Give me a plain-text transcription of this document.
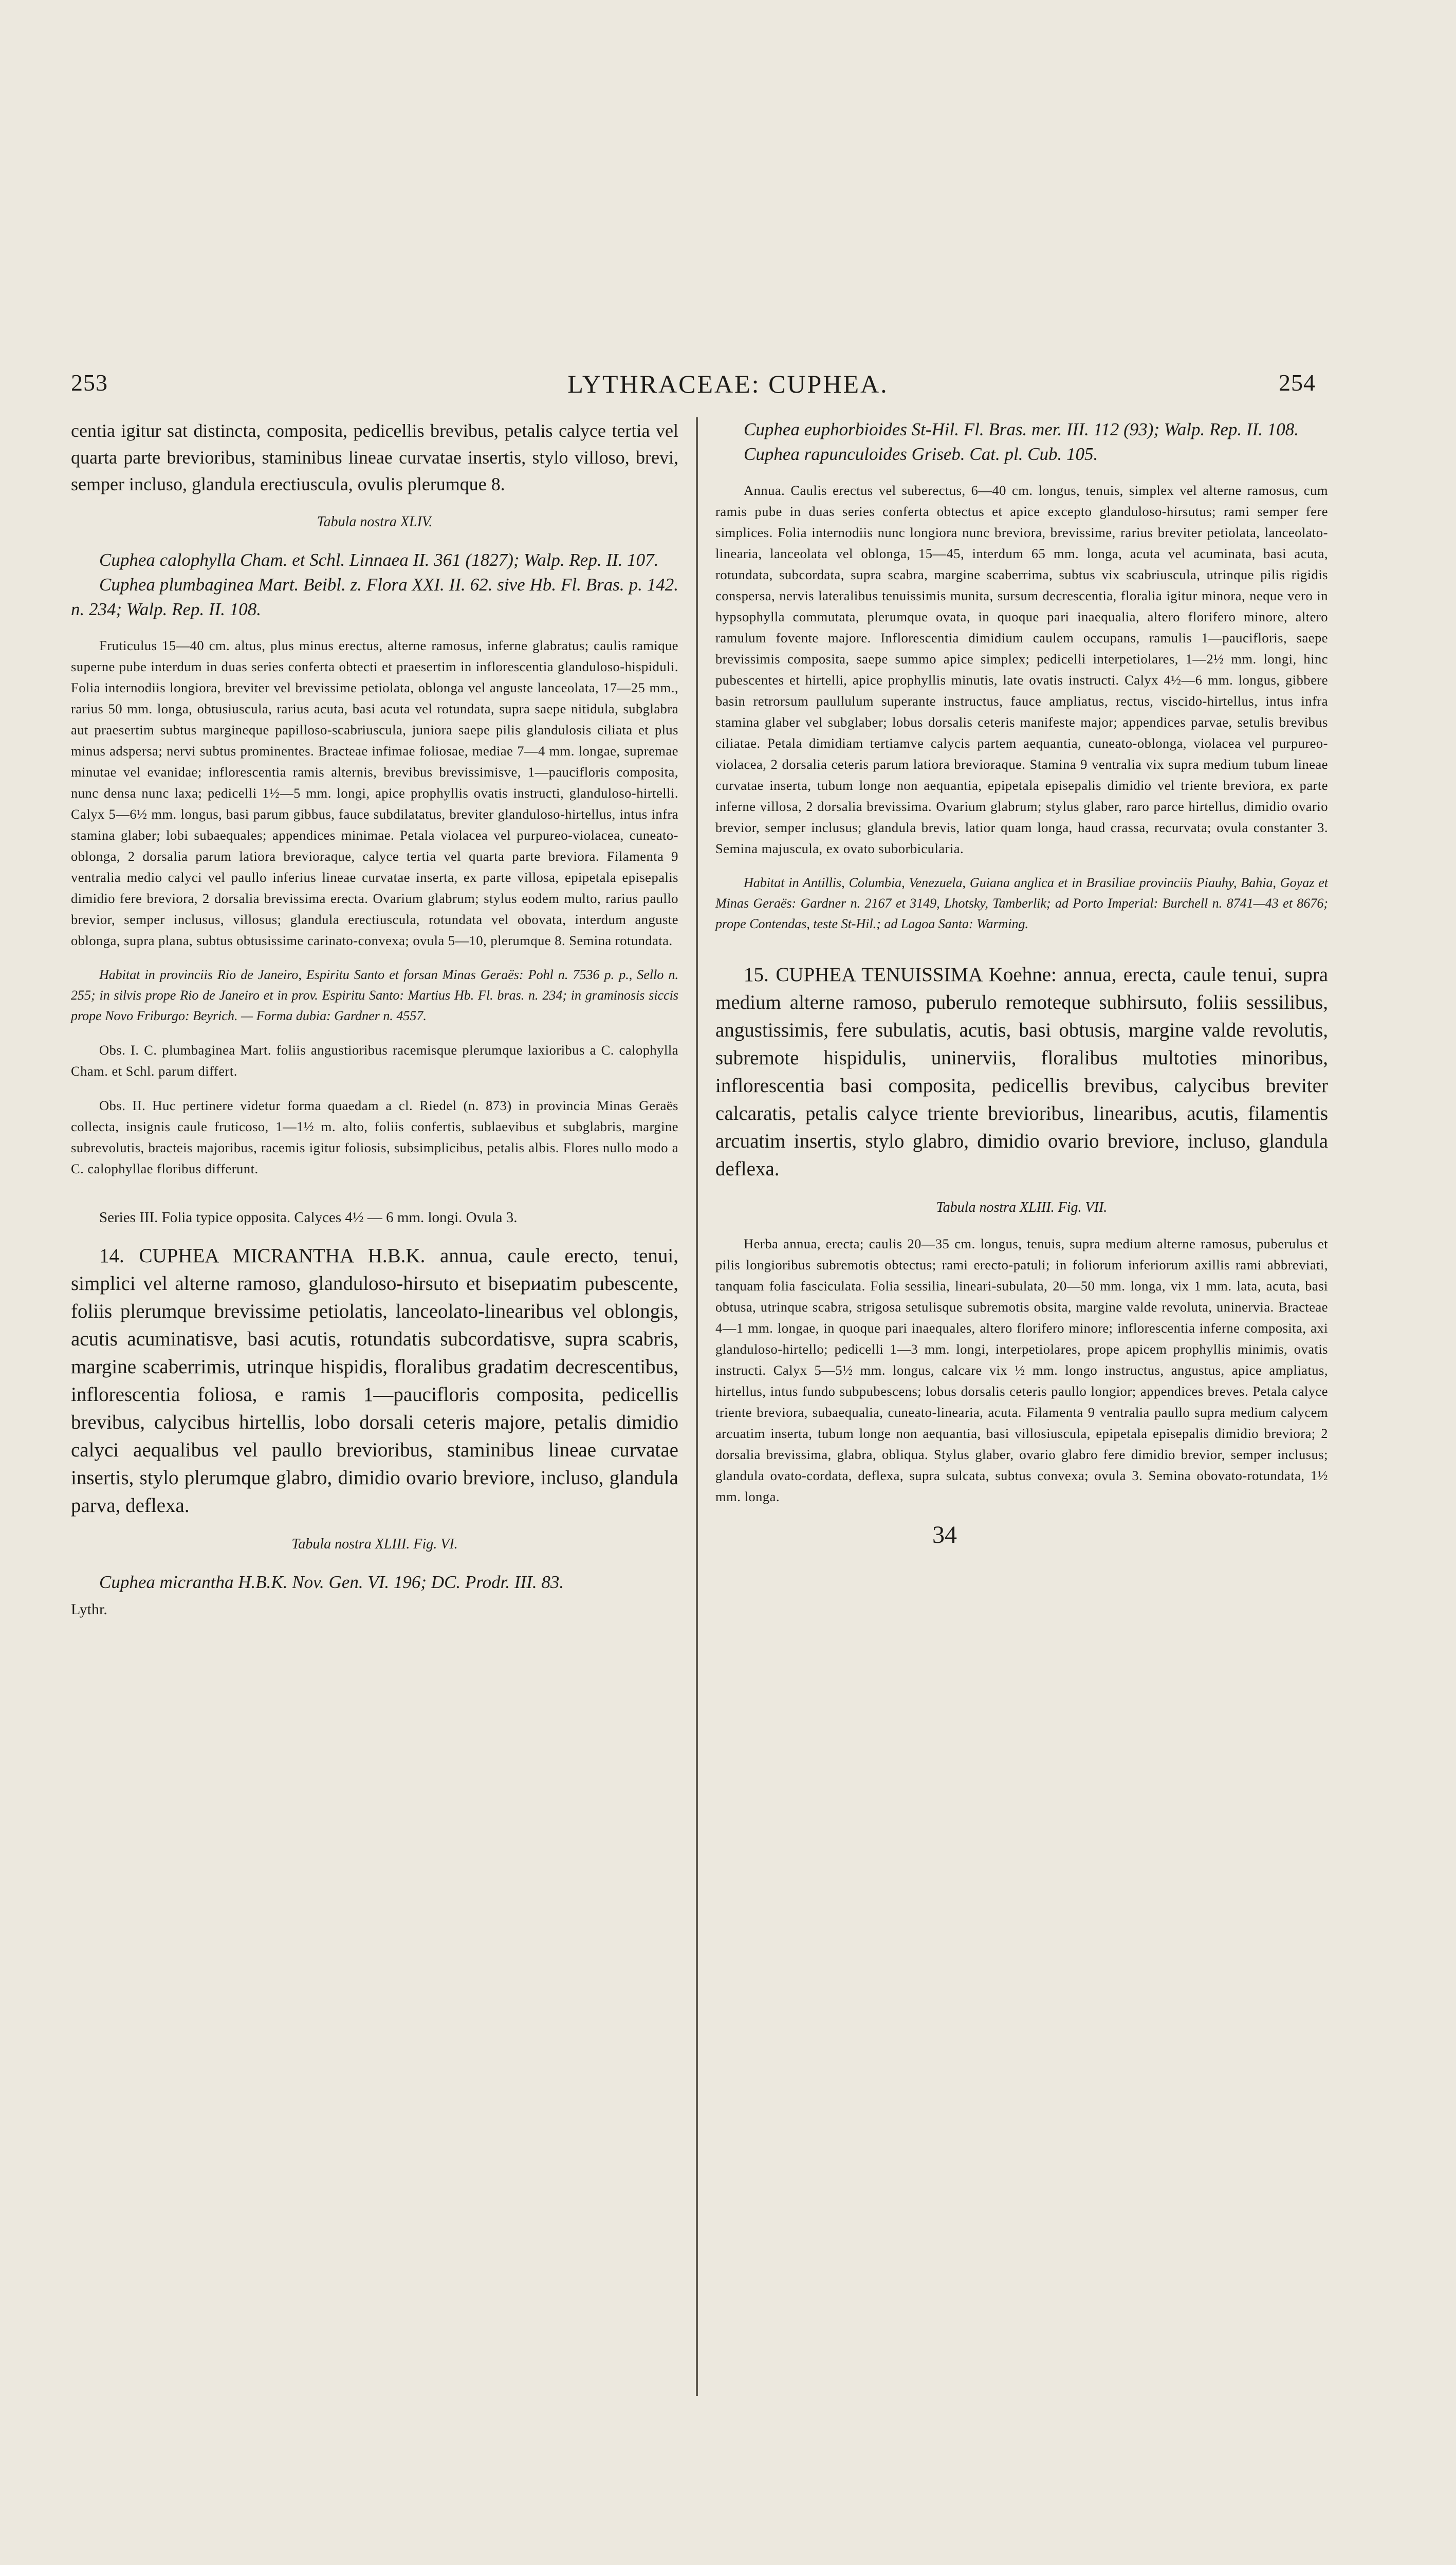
253	LYTHRACEAE: CUPHEA.	254

centia igitur sat distincta, composita, pedicellis brevibus, petalis calyce tertia vel quarta parte brevioribus, staminibus lineae curvatae insertis, stylo villoso, brevi, semper incluso, glandula erectiuscula, ovulis plerumque 8.

Tabula nostra XLIV.

Cuphea calophylla Cham. et Schl. Linnaea II. 361 (1827); Walp. Rep. II. 107.

Cuphea plumbaginea Mart. Beibl. z. Flora XXI. II. 62. sive Hb. Fl. Bras. p. 142. n. 234; Walp. Rep. II. 108.

Fruticulus 15—40 cm. altus, plus minus erectus, alterne ramosus, inferne glabratus; caulis ramique superne pube interdum in duas series conferta obtecti et praesertim in inflorescentia glanduloso-hispiduli. Folia internodiis longiora, breviter vel brevissime petiolata, oblonga vel anguste lanceolata, 17—25 mm., rarius 50 mm. longa, obtusiuscula, rarius acuta, basi acuta vel rotundata, supra saepe nitidula, subglabra aut praesertim subtus margineque papilloso-scabriuscula, juniora saepe pilis glandulosis ciliata et plus minus adspersa; nervi subtus prominentes. Bracteae infimae foliosae, mediae 7—4 mm. longae, supremae minutae vel evanidae; inflorescentia ramis alternis, brevibus brevissimisve, 1—paucifloris composita, nunc densa nunc laxa; pedicelli 1½—5 mm. longi, apice prophyllis ovatis instructi, glanduloso-hirtelli. Calyx 5—6½ mm. longus, basi parum gibbus, fauce subdilatatus, breviter glanduloso-hirtellus, intus infra stamina glaber; lobi subaequales; appendices minimae. Petala violacea vel purpureo-violacea, cuneato-oblonga, 2 dorsalia parum latiora brevioraque, calyce tertia vel quarta parte breviora. Filamenta 9 ventralia medio calyci vel paullo inferius lineae curvatae inserta, ex parte villosa, epipetala episepalis dimidio fere breviora, 2 dorsalia brevissima erecta. Ovarium glabrum; stylus eodem multo, rarius paullo brevior, semper inclusus, villosus; glandula erectiuscula, rotundata vel obovata, interdum anguste oblonga, supra plana, subtus obtusissime carinato-convexa; ovula 5—10, plerumque 8. Semina rotundata.

Habitat in provinciis Rio de Janeiro, Espiritu Santo et forsan Minas Geraës: Pohl n. 7536 p. p., Sello n. 255; in silvis prope Rio de Janeiro et in prov. Espiritu Santo: Martius Hb. Fl. bras. n. 234; in graminosis siccis prope Novo Friburgo: Beyrich. — Forma dubia: Gardner n. 4557.

Obs. I. C. plumbaginea Mart. foliis angustioribus racemisque plerumque laxioribus a C. calophylla Cham. et Schl. parum differt.

Obs. II. Huc pertinere videtur forma quaedam a cl. Riedel (n. 873) in provincia Minas Geraës collecta, insignis caule fruticoso, 1—1½ m. alto, foliis confertis, sublaevibus et subglabris, margine subrevolutis, bracteis majoribus, racemis igitur foliosis, subsimplicibus, petalis albis. Flores nullo modo a C. calophyllae floribus differunt.

Series III. Folia typice opposita. Calyces 4½ — 6 mm. longi. Ovula 3.

14. CUPHEA MICRANTHA H.B.K. annua, caule erecto, tenui, simplici vel alterne ramoso, glanduloso-hirsuto et bisериatim pubescente, foliis plerumque brevissime petiolatis, lanceolato-linearibus vel oblongis, acutis acuminatisve, basi acutis, rotundatis subcordatisve, supra scabris, margine scaberrimis, utrinque hispidis, floralibus gradatim decrescentibus, inflorescentia foliosa, e ramis 1—paucifloris composita, pedicellis brevibus, calycibus hirtellis, lobo dorsali ceteris majore, petalis dimidio calyci aequalibus vel paullo brevioribus, staminibus lineae curvatae insertis, stylo plerumque glabro, dimidio ovario breviore, incluso, glandula parva, deflexa.

Tabula nostra XLIII. Fig. VI.

Cuphea micrantha H.B.K. Nov. Gen. VI. 196; DC. Prodr. III. 83.

Lythr.

Cuphea euphorbioides St-Hil. Fl. Bras. mer. III. 112 (93); Walp. Rep. II. 108.

Cuphea rapunculoides Griseb. Cat. pl. Cub. 105.

Annua. Caulis erectus vel suberectus, 6—40 cm. longus, tenuis, simplex vel alterne ramosus, cum ramis pube in duas series conferta obtectus et apice excepto glanduloso-hirsutus; rami semper fere simplices. Folia internodiis nunc longiora nunc breviora, brevissime, rarius breviter petiolata, lanceolato-linearia, lanceolata vel oblonga, 15—45, interdum 65 mm. longa, acuta vel acuminata, basi acuta, rotundata, subcordata, supra scabra, margine scaberrima, subtus vix scabriuscula, utrinque pilis rigidis conspersa, nervis lateralibus tenuissimis munita, sursum decrescentia, floralia igitur minora, neque vero in hypsophylla commutata, plerumque ovata, in quoque pari inaequalia, altero florifero minore, altero ramulum fovente majore. Inflorescentia dimidium caulem occupans, ramulis 1—paucifloris, saepe brevissimis composita, saepe summo apice simplex; pedicelli interpetiolares, 1—2½ mm. longi, hinc pubescentes et hirtelli, apice prophyllis minutis, late ovatis instructi. Calyx 4½—6 mm. longus, gibbere basin retrorsum paullulum superante instructus, fauce ampliatus, rectus, viscido-hirtellus, intus infra stamina glaber vel subglaber; lobus dorsalis ceteris manifeste major; appendices parvae, setulis brevibus ciliatae. Petala dimidiam tertiamve calycis partem aequantia, cuneato-oblonga, violacea vel purpureo-violacea, 2 dorsalia ceteris parum latiora brevioraque. Stamina 9 ventralia vix supra medium tubum lineae curvatae inserta, tubum longe non aequantia, epipetala episepalis dimidio vel triente breviora, ex parte inferne villosa, 2 dorsalia brevissima. Ovarium glabrum; stylus glaber, raro parce hirtellus, dimidio ovario brevior, semper inclusus; glandula brevis, latior quam longa, haud crassa, recurvata; ovula constanter 3. Semina majuscula, ex ovato suborbicularia.

Habitat in Antillis, Columbia, Venezuela, Guiana anglica et in Brasiliae provinciis Piauhy, Bahia, Goyaz et Minas Geraës: Gardner n. 2167 et 3149, Lhotsky, Tamberlik; ad Porto Imperial: Burchell n. 8741—43 et 8676; prope Contendas, teste St-Hil.; ad Lagoa Santa: Warming.

15. CUPHEA TENUISSIMA Koehne: annua, erecta, caule tenui, supra medium alterne ramoso, puberulo remoteque subhirsuto, foliis sessilibus, angustissimis, fere subulatis, acutis, basi obtusis, margine valde revolutis, subremote hispidulis, uninerviis, floralibus multoties minoribus, inflorescentia basi composita, pedicellis brevibus, calycibus breviter calcaratis, petalis calyce triente brevioribus, linearibus, acutis, filamentis arcuatim insertis, stylo glabro, dimidio ovario breviore, incluso, glandula deflexa.

Tabula nostra XLIII. Fig. VII.

Herba annua, erecta; caulis 20—35 cm. longus, tenuis, supra medium alterne ramosus, puberulus et pilis longioribus subremotis obtectus; rami erecto-patuli; in foliorum inferiorum axillis rami abbreviati, tanquam folia fasciculata. Folia sessilia, lineari-subulata, 20—50 mm. longa, vix 1 mm. lata, acuta, basi obtusa, utrinque scabra, strigosa setulisque subremotis obsita, margine valde revoluta, uninervia. Bracteae 4—1 mm. longae, in quoque pari inaequales, altero florifero minore; inflorescentia inferne composita, axi glanduloso-hirtello; pedicelli 1—3 mm. longi, interpetiolares, prope apicem prophyllis minimis, ovatis instructi. Calyx 5—5½ mm. longus, calcare vix ½ mm. longo instructus, angustus, apice ampliatus, hirtellus, intus fundo subpubescens; lobus dorsalis ceteris paullo longior; appendices breves. Petala calyce triente breviora, subaequalia, cuneato-linearia, acuta. Filamenta 9 ventralia paullo supra medium calycem arcuatim inserta, tubum longe non aequantia, basi villosiuscula, epipetala episepalis dimidio breviora; 2 dorsalia brevissima, glabra, obliqua. Stylus glaber, ovario glabro fere dimidio brevior, semper inclusus; glandula ovato-cordata, deflexa, supra sulcata, subtus convexa; ovula 3. Semina obovato-rotundata, 1½ mm. longa.

34
